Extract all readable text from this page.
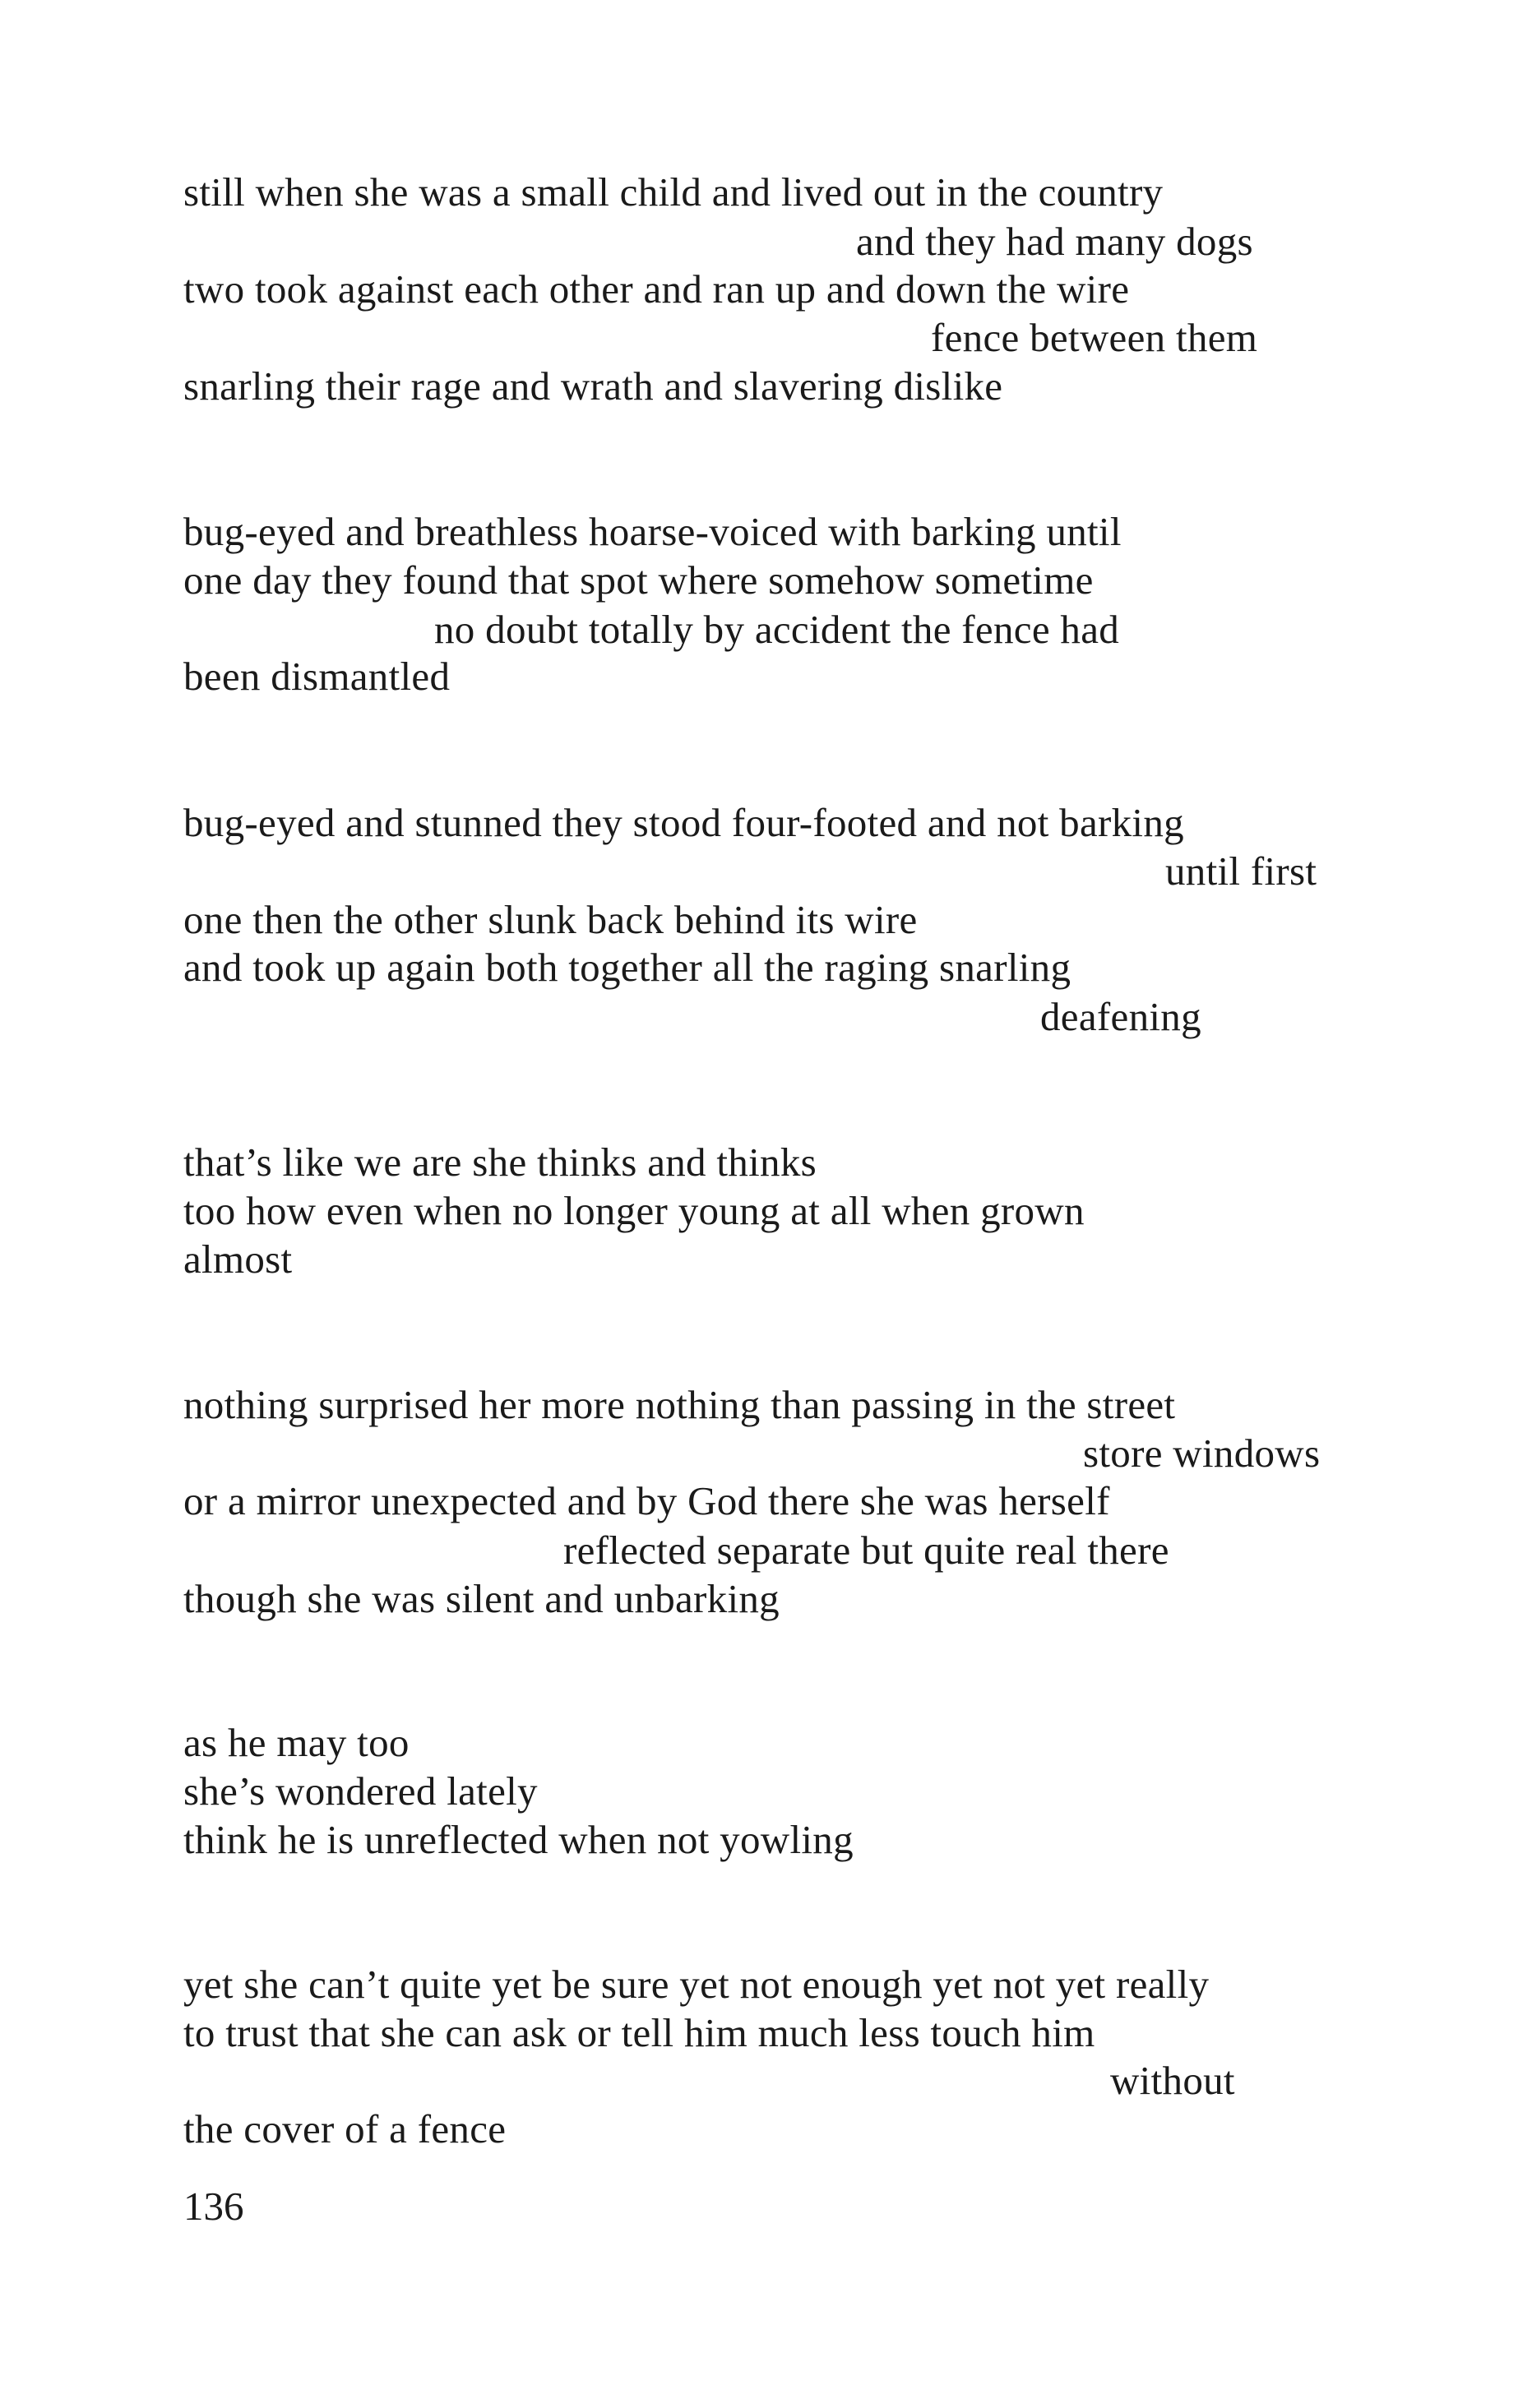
still when she was a small child and lived out in the country
and they had many dogs
two took against each other and ran up and down the wire
fence between them
snarling their rage and wrath and slavering dislike
bug-eyed and breathless hoarse-voiced with barking until
one day they found that spot where somehow sometime
no doubt totally by accident the fence had
been dismantled
bug-eyed and stunned they stood four-footed and not barking
until first
one then the other slunk back behind its wire
and took up again both together all the raging snarling
deafening
that’s like we are she thinks and thinks
too how even when no longer young at all when grown
almost
nothing surprised her more nothing than passing in the street
store windows
or a mirror unexpected and by God there she was herself
reflected separate but quite real there
though she was silent and unbarking
as he may too
she’s wondered lately
think he is unreflected when not yowling
yet she can’t quite yet be sure yet not enough yet not yet really
to trust that she can ask or tell him much less touch him
without
the cover of a fence
136
